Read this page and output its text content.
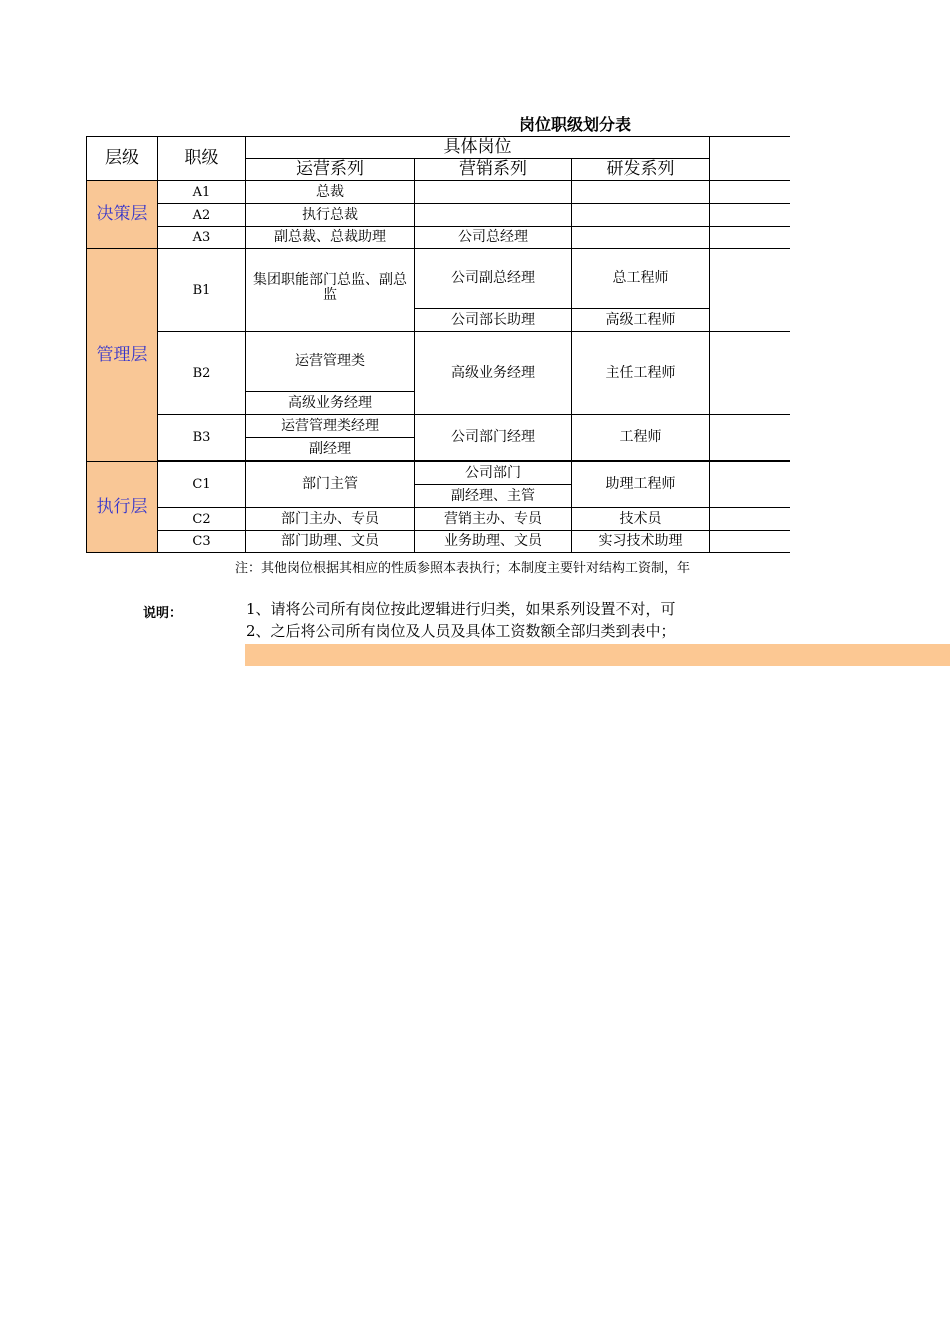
岗位职级划分表
层级	职级	具体岗位			
		运营系列	营销系列	研发系列	
决策层	A1	总裁			
	A2	执行总裁			
	A3	副总裁、总裁助理	公司总经理		
管理层	B1	集团职能部门总监、副总监	公司副总经理	总工程师	
			公司部长助理	高级工程师	
	B2	运营管理类	高级业务经理	主任工程师	
		高级业务经理			
	B3	运营管理类经理	公司部门经理	工程师	
		副经理			

执行层	C1	部门主管	公司部门	助理工程师	
			副经理、主管		
	C2	部门主办、专员	营销主办、专员	技术员	
	C3	部门助理、文员	业务助理、文员	实习技术助理	
注：其他岗位根据其相应的性质参照本表执行；本制度主要针对结构工资制，年
说明：	1、请将公司所有岗位按此逻辑进行归类，如果系列设置不对，可
2、之后将公司所有岗位及人员及具体工资数额全部归类到表中；
